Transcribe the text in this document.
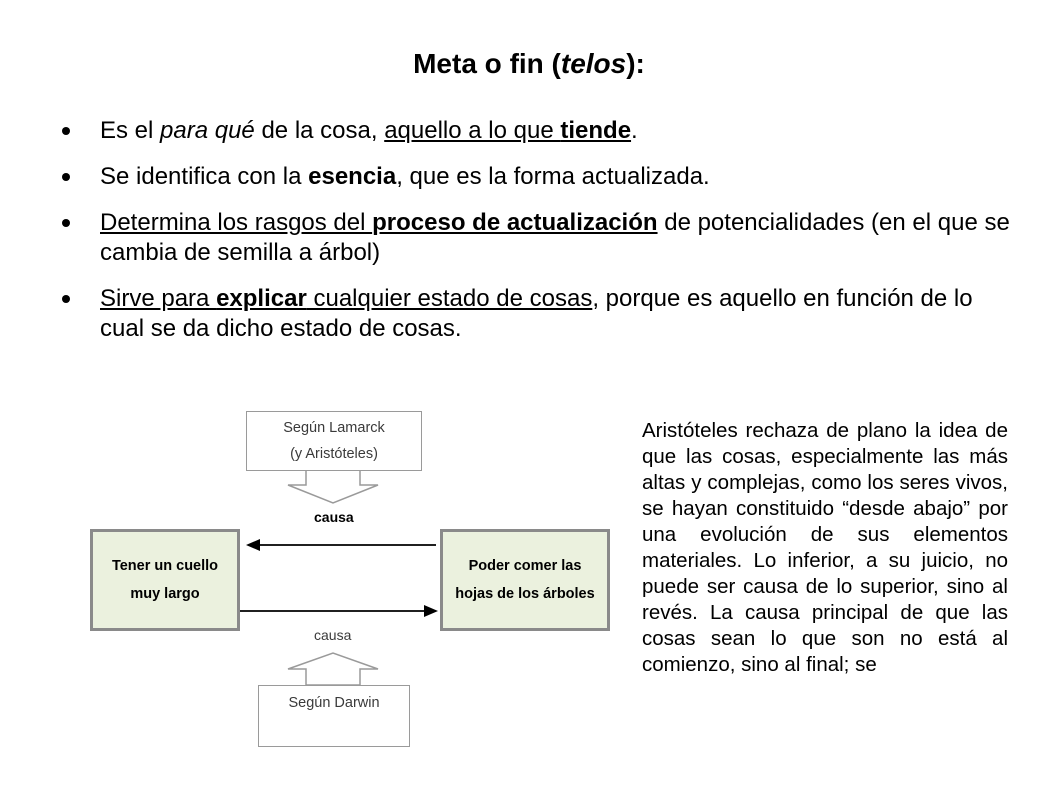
Meta o fin (telos):
Es el para qué de la cosa, aquello a lo que tiende.
Se identifica con la esencia, que es la forma actualizada.
Determina los rasgos del proceso de actualización de potencialidades (en el que se cambia de semilla a árbol)
Sirve para explicar cualquier estado de cosas, porque es aquello en función de lo cual se da dicho estado de cosas.
Según Lamarck
(y Aristóteles)
causa
Tener un cuello
muy largo
Poder comer las
hojas de los árboles
causa
Según Darwin
Aristóteles rechaza de plano la idea de que las cosas, especialmente las más altas y complejas, como los seres vivos, se hayan constituido “desde abajo” por una evolución de sus elementos materiales. Lo inferior, a su juicio, no puede ser causa de lo superior, sino al revés. La causa principal de que las cosas sean lo que son no está al comienzo, sino al final; se
